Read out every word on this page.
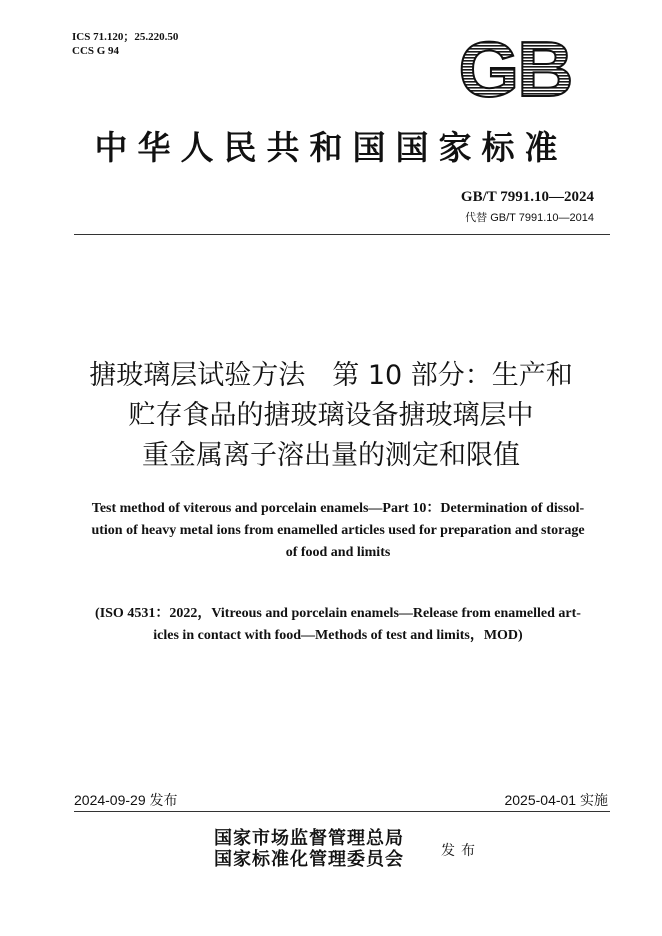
ICS 71.120；25.220.50
CCS G 94	GB
中华人民共和国国家标准
GB/T 7991.10—2024
代替 GB/T 7991.10—2014
搪玻璃层试验方法　第 10 部分：生产和
贮存食品的搪玻璃设备搪玻璃层中
重金属离子溶出量的测定和限值
Test method of viterous and porcelain enamels—Part 10：Determination of dissol-
ution of heavy metal ions from enamelled articles used for preparation and storage
of food and limits
(ISO 4531：2022，Vitreous and porcelain enamels—Release from enamelled art-
icles in contact with food—Methods of test and limits，MOD)
2024-09-29 发布	2025-04-01 实施
国家市场监督管理总局
国家标准化管理委员会	发布
